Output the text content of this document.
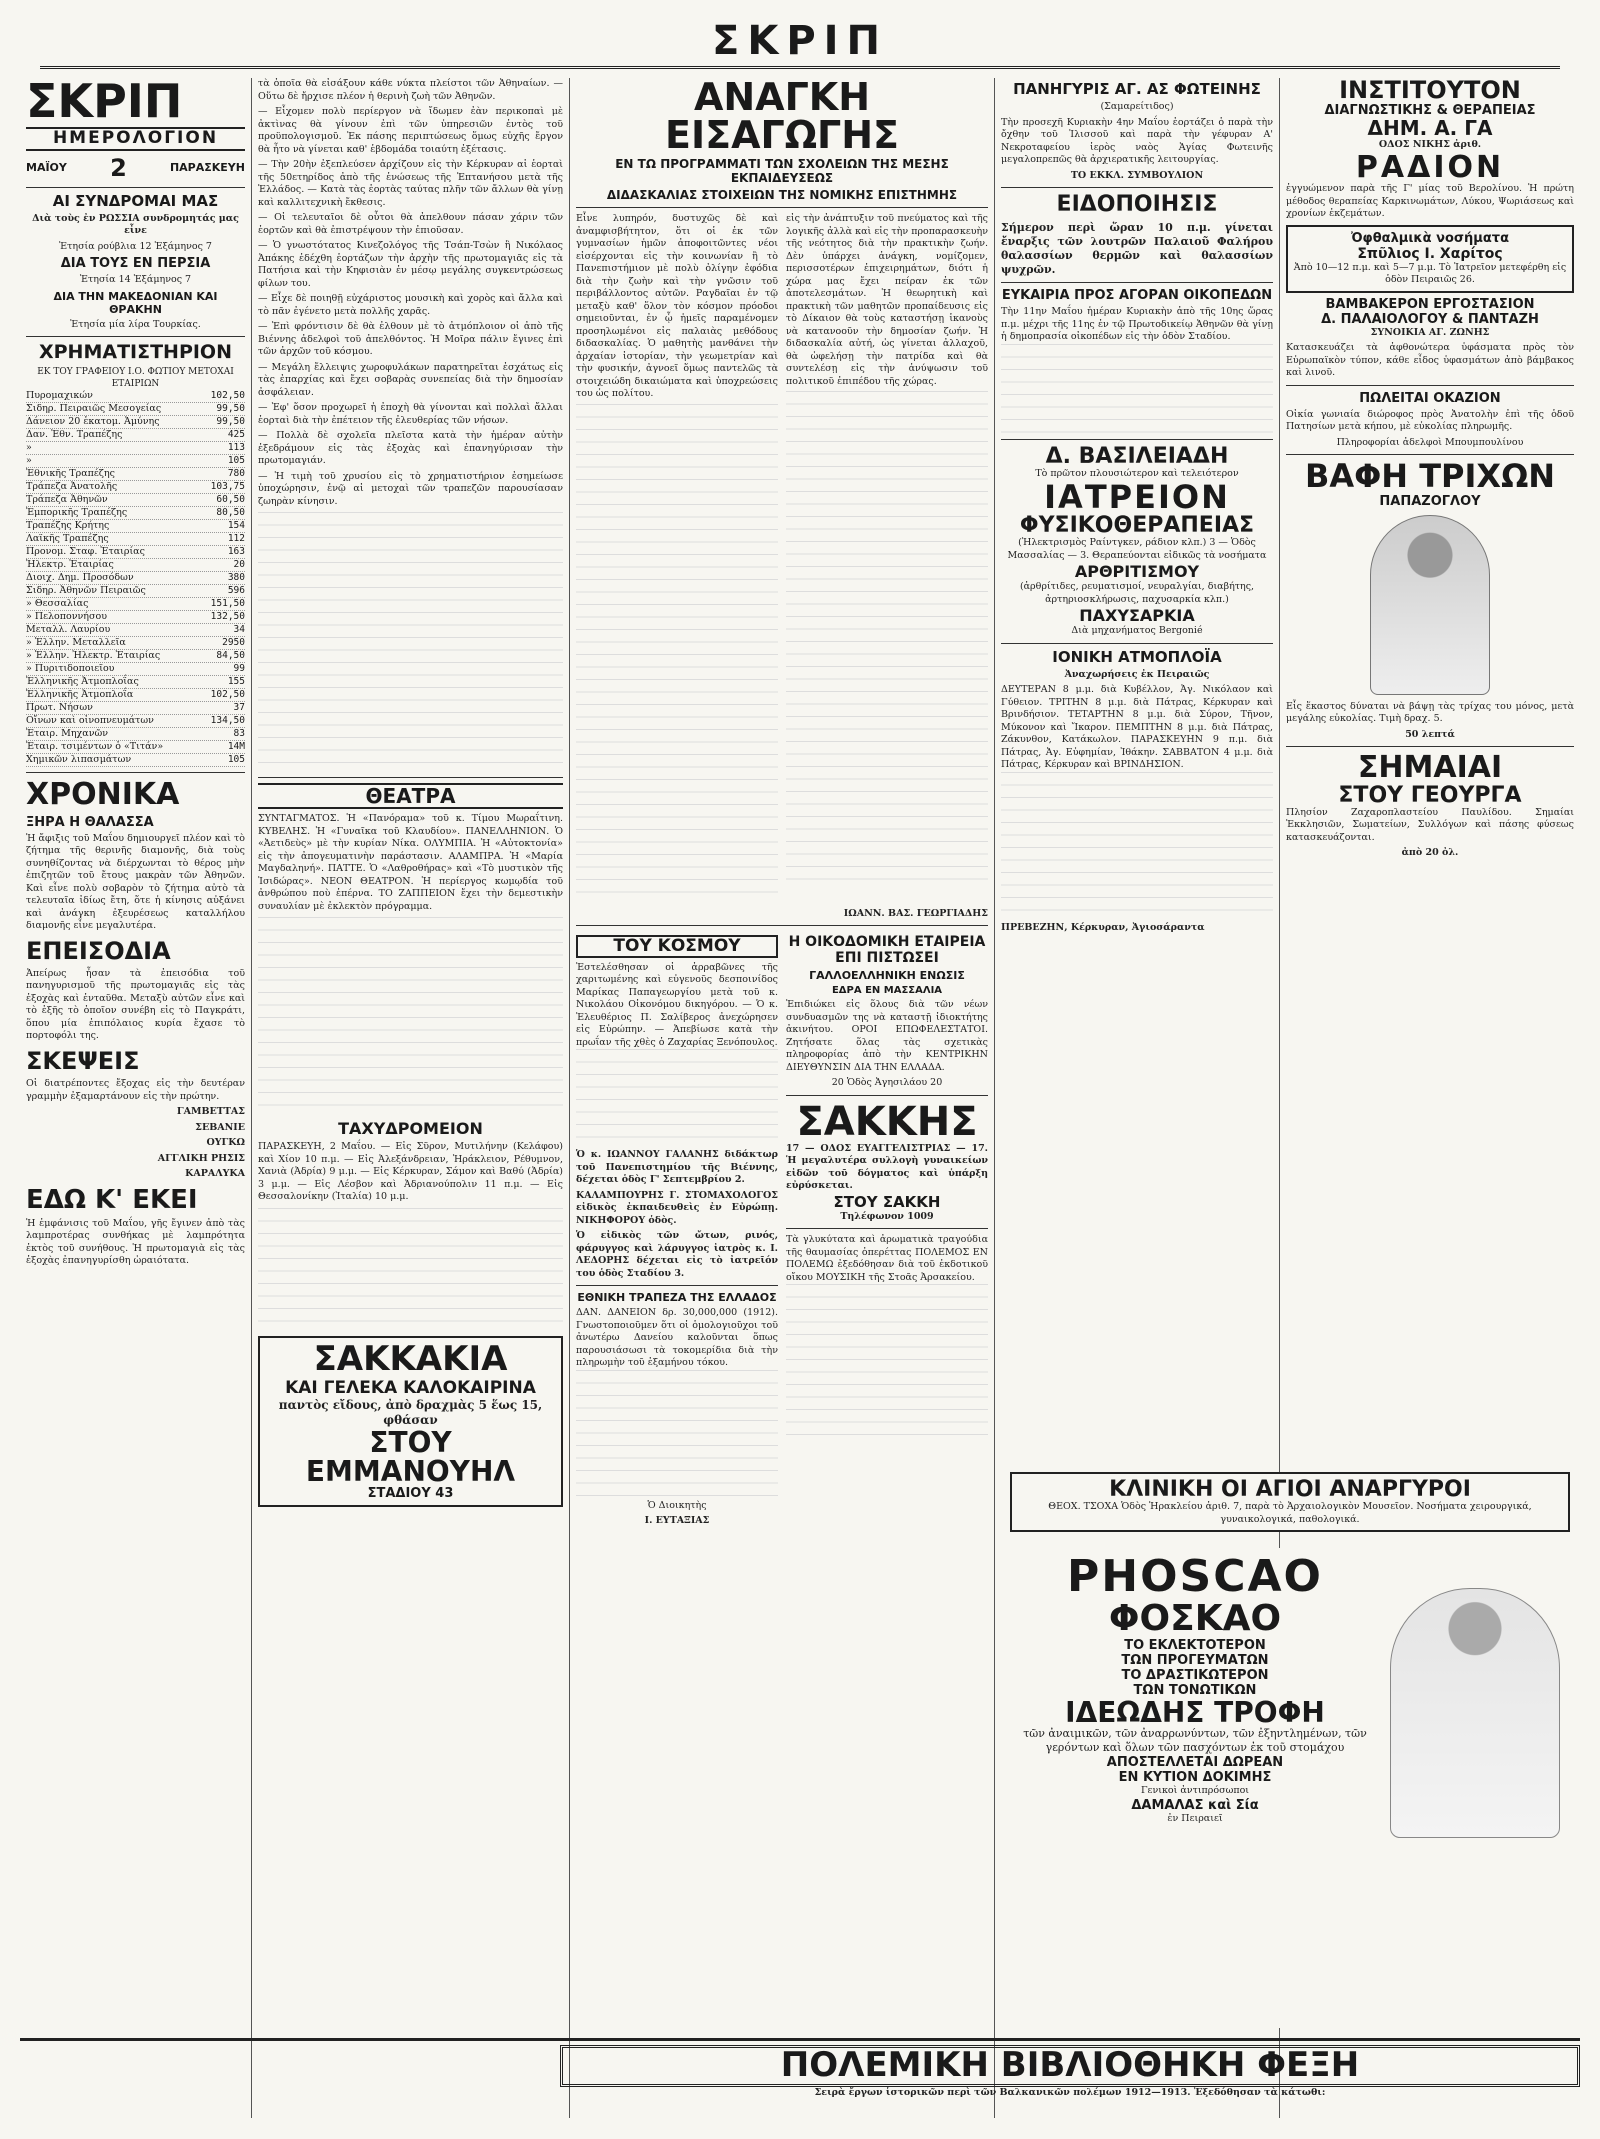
ΣΚΡΙΠ
ΣΚΡΙΠ
ΗΜΕΡΟΛΟΓΙΟΝ
ΜΑΪΟΥ 2	ΠΑΡΑΣΚΕΥΗ
ΑΙ ΣΥΝΔΡΟΜΑΙ ΜΑΣ
Διὰ τοὺς ἐν ΡΩΣΣΙΑ συνδρομητάς μας εἶνε
Ἐτησία ρούβλια 12 Ἑξάμηνος 7
ΔΙΑ ΤΟΥΣ ΕΝ ΠΕΡΣΙΑ
Ἐτησία 14 Ἑξάμηνος 7
ΔΙΑ ΤΗΝ ΜΑΚΕΔΟΝΙΑΝ ΚΑΙ ΘΡΑΚΗΝ
Ἐτησία μία λίρα Τουρκίας.
ΧΡΗΜΑΤΙΣΤΗΡΙΟΝ
ΕΚ ΤΟΥ ΓΡΑΦΕΙΟΥ Ι.Ο. ΦΩΤΙΟΥ ΜΕΤΟΧΑΙ ΕΤΑΙΡΙΩΝ
Πυρομαχικών	102,50
Σιδηρ. Πειραιῶς Μεσογείας	99,50
Δάνειον 20 ἑκατομ. Ἀμύνης	99,50
Δαν. Ἐθν. Τραπέζης	425
»	113
»	105
Ἐθνικῆς Τραπέζης	780
Τράπεζα Ἀνατολῆς	103,75
Τράπεζα Ἀθηνῶν	60,50
Ἐμπορικῆς Τραπέζης	80,50
Τραπέζης Κρήτης	154
Λαϊκῆς Τραπέζης	112
Προνομ. Σταφ. Ἐταιρίας	163
Ἠλεκτρ. Ἐταιρίας	20
Διοιχ. Δημ. Προσόδων	380
Σιδηρ. Ἀθηνῶν Πειραιῶς	596
» Θεσσαλίας	151,50
» Πελοποννήσου	132,50
Μεταλλ. Λαυρίου	34
» Ἑλλην. Μεταλλεῖα	2950
» Ἑλλην. Ἠλεκτρ. Ἐταιρίας	84,50
» Πυριτιδοποιεῖου	99
Ἐλληνικῆς Ἀτμοπλοΐας	155
Ἑλληνικῆς Ἀτμοπλοΐα	102,50
Πρωτ. Νήσων	37
Οἴνων καὶ οἰνοπνευμάτων	134,50
Ἐταιρ. Μηχανῶν	83
Ἐταιρ. τσιμέντων ὁ «Τιτάν»	14Μ
Χημικῶν λιπασμάτων	105
ΧΡΟΝΙΚΑ
ΞΗΡΑ Η ΘΑΛΑΣΣΑ
Ἡ ἄφιξις τοῦ Μαΐου δημιουργεῖ πλέον καὶ τὸ ζήτημα τῆς θερινῆς διαμονῆς, διὰ τοὺς συνηθίζοντας νὰ διέρχωνται τὸ θέρος μὴν ἐπιζητῶν τοῦ ἔτους μακρὰν τῶν Ἀθηνῶν. Καὶ εἶνε πολὺ σοβαρὸν τὸ ζήτημα αὐτὸ τὰ τελευταῖα ἰδίως ἔτη, ὅτε ἡ κίνησις αὐξάνει καὶ ἀνάγκη ἐξευρέσεως καταλλήλου διαμονῆς εἶνε μεγαλυτέρα.
ΕΠΕΙΣΟΔΙΑ
Ἀπείρως ἦσαν τὰ ἐπεισόδια τοῦ πανηγυρισμοῦ τῆς πρωτομαγιᾶς εἰς τὰς ἐξοχὰς καὶ ἐνταῦθα. Μεταξὺ αὐτῶν εἶνε καὶ τὸ ἑξῆς τὸ ὁποῖον συνέβη εἰς τὸ Παγκράτι, ὅπου μία ἐπιπόλαιος κυρία ἔχασε τὸ πορτοφόλι της.
ΣΚΕΨΕΙΣ
Οἱ διατρέποντες ἔξοχας εἰς τὴν δευτέραν γραμμὴν ἐξαμαρτάνουν εἰς τὴν πρώτην.
ΓΑΜΒΕΤΤΑΣ
ΣΕΒΑΝΙΕ
ΟΥΓΚΩ
ΑΓΓΛΙΚΗ ΡΗΣΙΣ
ΚΑΡΑΛΥΚΑ
ΕΔΩ Κ' ΕΚΕΙ
Ἡ ἐμφάνισις τοῦ Μαΐου, γῆς ἔγινεν ἀπὸ τὰς λαμπροτέρας συνθήκας μὲ λαμπρότητα ἐκτὸς τοῦ συνήθους. Ἡ πρωτομαγιὰ εἰς τὰς ἐξοχὰς ἐπανηγυρίσθη ὡραιότατα.
τὰ ὁποῖα θὰ εἰσάξουν κάθε νύκτα πλείστοι τῶν Ἀθηναίων. — Οὕτω δὲ ἤρχισε πλέον ἡ θερινὴ ζωὴ τῶν Ἀθηνῶν.
— Εἶχομεν πολὺ περίεργον νὰ ἴδωμεν ἐὰν περικοπαὶ μὲ ἀκτὶνας θὰ γίνουν ἐπὶ τῶν ὑπηρεσιῶν ἐντὸς τοῦ προϋπολογισμοῦ. Ἐκ πάσης περιπτώσεως ὅμως εὐχῆς ἔργον θὰ ἦτο νὰ γίνεται καθ' ἑβδομάδα τοιαύτη ἐξέτασις.
— Τὴν 20ὴν ἐξεπλεύσεν ἀρχίζουν εἰς τὴν Κέρκυραν αἱ ἑορταὶ τῆς 50ετηρίδος ἀπὸ τῆς ἑνώσεως τῆς Ἑπτανήσου μετὰ τῆς Ἑλλάδος. — Κατὰ τὰς ἑορτὰς ταύτας πλῆν τῶν ἄλλων θὰ γίνῃ καὶ καλλιτεχνικὴ ἔκθεσις.
— Οἱ τελευταῖοι δὲ οὗτοι θὰ ἀπελθουν πάσαν χάριν τῶν ἑορτῶν καὶ θὰ ἐπιστρέψουν τὴν ἐπιοῦσαν.
— Ὁ γνωστότατος Κινεζολόγος τῆς Τσάπ-Τσὼν ἢ Νικόλαος Ἀπάκης ἐδέχθη ἑορτάζων τὴν ἀρχὴν τῆς πρωτομαγιᾶς εἰς τὰ Πατήσια καὶ τὴν Κηφισιὰν ἐν μέσῳ μεγάλης συγκεντρώσεως φίλων του.
— Εἶχε δὲ ποιηθῇ εὐχάριστος μουσικὴ καὶ χορὸς καὶ ἄλλα καὶ τὸ πᾶν ἐγένετο μετὰ πολλῆς χαρᾶς.
— Ἐπὶ φρόντισιν δὲ θὰ ἐλθουν μὲ τὸ ἀτμόπλοιον οἱ ἀπὸ τῆς Βιέννης ἀδελφοὶ τοῦ ἀπελθόντος. Ἡ Μοῖρα πάλιν ἔγινες ἐπὶ τῶν ἀρχῶν τοῦ κόσμου.
— Μεγάλη ἔλλειψις χωροφυλάκων παρατηρεῖται ἐσχάτως εἰς τὰς ἐπαρχίας καὶ ἔχει σοβαρὰς συνεπείας διὰ τὴν δημοσίαν ἀσφάλειαν.
— Ἐφ' ὅσον προχωρεῖ ἡ ἐποχὴ θὰ γίνονται καὶ πολλαὶ ἄλλαι ἑορταὶ διὰ τὴν ἐπέτειον τῆς ἐλευθερίας τῶν νήσων.
— Πολλὰ δὲ σχολεῖα πλεῖστα κατὰ τὴν ἡμέραν αὐτὴν ἐξεδράμουν εἰς τὰς ἐξοχὰς καὶ ἐπανηγύρισαν τὴν πρωτομαγιάν.
— Ἡ τιμὴ τοῦ χρυσίου εἰς τὸ χρηματιστήριον ἐσημείωσε ὑποχώρησιν, ἐνῷ αἱ μετοχαὶ τῶν τραπεζῶν παρουσίασαν ζωηρὰν κίνησιν.
ΘΕΑΤΡΑ
ΣΥΝΤΑΓΜΑΤΟΣ. Ἡ «Πανόραμα» τοῦ κ. Τίμου Μωραΐτινη. ΚΥΒΕΛΗΣ. Ἡ «Γυναῖκα τοῦ Κλαυδίου». ΠΑΝΕΛΛΗΝΙΟΝ. Ὁ «Ἀετιδεὺς» μὲ τὴν κυρίαν Νίκα. ΟΛΥΜΠΙΑ. Ἡ «Αὐτοκτονία» εἰς τὴν ἀπογευματινὴν παράστασιν. ΑΛΑΜΠΡΑ. Ἡ «Μαρία Μαγδαληνή». ΠΑΤΤΕ. Ὁ «Λαθροθήρας» καὶ «Τὸ μυστικὸν τῆς Ἰσιδώρας». ΝΕΟΝ ΘΕΑΤΡΟΝ. Ἡ περίεργος κωμῳδία τοῦ ἀνθρώπου ποὺ ἐπέρνα. ΤΟ ΖΑΠΠΕΙΟΝ ἔχει τὴν δεμεστικὴν συναυλίαν μὲ ἐκλεκτὸν πρόγραμμα.
ΤΑΧΥΔΡΟΜΕΙΟΝ
ΠΑΡΑΣΚΕΥΗ, 2 Μαΐου. — Εἰς Σῦρον, Μυτιλήνην (Κελάφου) καὶ Χίον 10 π.μ. — Εἰς Ἀλεξάνδρειαν, Ἡράκλειον, Ρέθυμνον, Χανιὰ (Ἀδρία) 9 μ.μ. — Εἰς Κέρκυραν, Σάμον καὶ Βαθύ (Ἀδρία) 3 μ.μ. — Εἰς Λέσβον καὶ Ἀδριανούπολιν 11 π.μ. — Εἰς Θεσσαλονίκην (Ἰταλία) 10 μ.μ.
ΣΑΚΚΑΚΙΑ
ΚΑΙ ΓΕΛΕΚΑ ΚΑΛΟΚΑΙΡΙΝΑ
παντὸς εἴδους, ἀπὸ δραχμὰς 5 ἕως 15, φθάσαν
ΣΤΟΥ ΕΜΜΑΝΟΥΗΛ
ΣΤΑΔΙΟΥ 43
ΑΝΑΓΚΗ ΕΙΣΑΓΩΓΗΣ
ΕΝ ΤΩ ΠΡΟΓΡΑΜΜΑΤΙ ΤΩΝ ΣΧΟΛΕΙΩΝ ΤΗΣ ΜΕΣΗΣ ΕΚΠΑΙΔΕΥΣΕΩΣ
ΔΙΔΑΣΚΑΛΙΑΣ ΣΤΟΙΧΕΙΩΝ ΤΗΣ ΝΟΜΙΚΗΣ ΕΠΙΣΤΗΜΗΣ
Εἶνε λυπηρόν, δυστυχῶς δὲ καὶ ἀναμφισβήτητον, ὅτι οἱ ἐκ τῶν γυμνασίων ἡμῶν ἀποφοιτῶντες νέοι εἰσέρχονται εἰς τὴν κοινωνίαν ἢ τὸ Πανεπιστήμιον μὲ πολὺ ὀλίγην ἐφόδια διὰ τὴν ζωὴν καὶ τὴν γνῶσιν τοῦ περιβάλλοντος αὐτῶν. Ραγδαῖαι ἐν τῷ μεταξὺ καθ' ὅλον τὸν κόσμον πρόοδοι σημειοῦνται, ἐν ᾧ ἡμεῖς παραμένομεν προσηλωμένοι εἰς παλαιὰς μεθόδους διδασκαλίας. Ὁ μαθητὴς μανθάνει τὴν ἀρχαίαν ἱστορίαν, τὴν γεωμετρίαν καὶ τὴν φυσικήν, ἀγνοεῖ ὅμως παντελῶς τὰ στοιχειώδη δικαιώματα καὶ ὑποχρεώσεις του ὡς πολίτου.
εἰς τὴν ἀνάπτυξιν τοῦ πνεύματος καὶ τῆς λογικῆς ἀλλὰ καὶ εἰς τὴν προπαρασκευὴν τῆς νεότητος διὰ τὴν πρακτικὴν ζωήν. Δὲν ὑπάρχει ἀνάγκη, νομίζομεν, περισσοτέρων ἐπιχειρημάτων, διότι ἡ χώρα μας ἔχει πείραν ἐκ τῶν ἀποτελεσμάτων. Ἡ θεωρητικὴ καὶ πρακτικὴ τῶν μαθητῶν προπαίδευσις εἰς τὸ Δίκαιον θὰ τοὺς καταστήσῃ ἱκανοὺς νὰ κατανοοῦν τὴν δημοσίαν ζωήν. Ἡ διδασκαλία αὐτή, ὡς γίνεται ἀλλαχοῦ, θὰ ὠφελήσῃ τὴν πατρίδα καὶ θὰ συντελέσῃ εἰς τὴν ἀνύψωσιν τοῦ πολιτικοῦ ἐπιπέδου τῆς χώρας.
ΙΩΑΝΝ. ΒΑΣ. ΓΕΩΡΓΙΑΔΗΣ
ΤΟΥ ΚΟΣΜΟΥ
Ἐστελέσθησαν οἱ ἀρραβῶνες τῆς χαριτωμένης καὶ εὐγενοῦς δεσποινίδος Μαρίκας Παπαγεωργίου μετὰ τοῦ κ. Νικολάου Οἰκονόμου δικηγόρου. — Ὁ κ. Ἐλευθέριος Π. Σαλίβερος ἀνεχώρησεν εἰς Εὐρώπην. — Ἀπεβίωσε κατὰ τὴν πρωΐαν τῆς χθὲς ὁ Ζαχαρίας Ξενόπουλος.
Ὁ κ. ΙΩΑΝΝΟΥ ΓΑΛΑΝΗΣ διδάκτωρ τοῦ Πανεπιστημίου τῆς Βιέννης, δέχεται ὁδὸς Γ' Σεπτεμβρίου 2.
ΚΑΛΑΜΠΟΥΡΗΣ Γ. ΣΤΟΜΑΧΟΛΟΓΟΣ εἰδικὸς ἐκπαιδευθεὶς ἐν Εὐρώπῃ. ΝΙΚΗΦΟΡΟΥ ὁδὸς.
Ὁ εἰδικὸς τῶν ὤτων, ρινός, φάρυγγος καὶ λάρυγγος ἰατρὸς κ. Ι. ΛΕΔΟΡΗΣ δέχεται εἰς τὸ ἰατρεῖόν του ὁδὸς Σταδίου 3.
ΕΘΝΙΚΗ ΤΡΑΠΕΖΑ ΤΗΣ ΕΛΛΑΔΟΣ
ΔΑΝ. ΔΑΝΕΙΟΝ δρ. 30,000,000 (1912). Γνωστοποιοῦμεν ὅτι οἱ ὁμολογιοῦχοι τοῦ ἀνωτέρω Δανείου καλοῦνται ὅπως παρουσιάσωσι τὰ τοκομερίδια διὰ τὴν πληρωμὴν τοῦ ἑξαμήνου τόκου.
Ὁ Διοικητὴς
Ι. ΕΥΤΑΞΙΑΣ
Η ΟΙΚΟΔΟΜΙΚΗ ΕΤΑΙΡΕΙΑ ΕΠΙ ΠΙΣΤΩΣΕΙ
ΓΑΛΛΟΕΛΛΗΝΙΚΗ ΕΝΩΣΙΣ
ΕΔΡΑ ΕΝ ΜΑΣΣΑΛΙΑ
Ἐπιδιώκει εἰς ὅλους διὰ τῶν νέων συνδυασμῶν της νὰ καταστῇ ἰδιοκτήτης ἀκινήτου. ΟΡΟΙ ΕΠΩΦΕΛΕΣΤΑΤΟΙ. Ζητήσατε ὅλας τὰς σχετικὰς πληροφορίας ἀπὸ τὴν ΚΕΝΤΡΙΚΗΝ ΔΙΕΥΘΥΝΣΙΝ ΔΙΑ ΤΗΝ ΕΛΛΑΔΑ.
20 Ὁδὸς Ἀγησιλάου 20
ΣΑΚΚΗΣ
17 — ΟΔΟΣ ΕΥΑΓΓΕΛΙΣΤΡΙΑΣ — 17. Ἡ μεγαλυτέρα συλλογὴ γυναικείων εἰδῶν τοῦ δόγματος καὶ ὑπάρξη εὐρύσκεται.
ΣΤΟΥ ΣΑΚΚΗ
Τηλέφωνον 1009
Τὰ γλυκύτατα καὶ ἀρωματικὰ τραγούδια τῆς θαυμασίας ὀπερέττας ΠΟΛΕΜΟΣ ΕΝ ΠΟΛΕΜΩ ἐξεδόθησαν διὰ τοῦ ἐκδοτικοῦ οἴκου ΜΟΥΣΙΚΗ τῆς Στοᾶς Ἀρσακείου.
ΠΑΝΗΓΥΡΙΣ ΑΓ. ΑΣ ΦΩΤΕΙΝΗΣ
(Σαμαρείτιδος)
Τὴν προσεχῆ Κυριακὴν 4ην Μαΐου ἑορτάζει ὁ παρὰ τὴν ὄχθην τοῦ Ἰλισσοῦ καὶ παρὰ τὴν γέφυραν Α' Νεκροταφείου ἱερὸς ναὸς Ἁγίας Φωτεινῆς μεγαλοπρεπῶς θὰ ἀρχιερατικῆς λειτουργίας.
ΤΟ ΕΚΚΛ. ΣΥΜΒΟΥΛΙΟΝ
ΕΙΔΟΠΟΙΗΣΙΣ
Σήμερον περὶ ὥραν 10 π.μ. γίνεται ἔναρξις τῶν λουτρῶν Παλαιοῦ Φαλήρου θαλασσίων θερμῶν καὶ θαλασσίων ψυχρῶν.
ΕΥΚΑΙΡΙΑ ΠΡΟΣ ΑΓΟΡΑΝ ΟΙΚΟΠΕΔΩΝ
Τὴν 11ην Μαΐου ἡμέραν Κυριακὴν ἀπὸ τῆς 10ης ὥρας π.μ. μέχρι τῆς 11ης ἐν τῷ Πρωτοδικείῳ Ἀθηνῶν θὰ γίνῃ ἡ δημοπρασία οἰκοπέδων εἰς τὴν ὁδὸν Σταδίου.
Δ. ΒΑΣΙΛΕΙΑΔΗ
Τὸ πρῶτον πλουσιώτερον καὶ τελειότερον
ΙΑΤΡΕΙΟΝ
ΦΥΣΙΚΟΘΕΡΑΠΕΙΑΣ
(Ἠλεκτρισμὸς Ραίντγκεν, ράδιον κλπ.) 3 — Ὁδὸς Μασσαλίας — 3. Θεραπεύονται εἰδικῶς τὰ νοσήματα
ΑΡΘΡΙΤΙΣΜΟΥ
(ἀρθρίτιδες, ρευματισμοί, νευραλγίαι, διαβήτης, ἀρτηριοσκλήρωσις, παχυσαρκία κλπ.)
ΠΑΧΥΣΑΡΚΙΑ
Διὰ μηχανήματος Bergonié
ΙΟΝΙΚΗ ΑΤΜΟΠΛΟΪΑ
Ἀναχωρήσεις ἐκ Πειραιῶς
ΔΕΥΤΕΡΑΝ 8 μ.μ. διὰ Κυβέλλον, Ἀγ. Νικόλαον καὶ Γύθειον. ΤΡΙΤΗΝ 8 μ.μ. διὰ Πάτρας, Κέρκυραν καὶ Βρινδήσιον. ΤΕΤΑΡΤΗΝ 8 μ.μ. διὰ Σύρον, Τῆνον, Μύκονον καὶ Ἴκαρον. ΠΕΜΠΤΗΝ 8 μ.μ. διὰ Πάτρας, Ζάκυνθον, Κατάκωλον. ΠΑΡΑΣΚΕΥΗΝ 9 π.μ. διὰ Πάτρας, Ἀγ. Εὐφημίαν, Ἰθάκην. ΣΑΒΒΑΤΟΝ 4 μ.μ. διὰ Πάτρας, Κέρκυραν καὶ ΒΡΙΝΔΗΣΙΟΝ.
ΠΡΕΒΕΖΗΝ, Κέρκυραν, Ἀγιοσάραντα
ΙΝΣΤΙΤΟΥΤΟΝ
ΔΙΑΓΝΩΣΤΙΚΗΣ & ΘΕΡΑΠΕΙΑΣ
ΔΗΜ. Α. ΓΑ
ΟΔΟΣ ΝΙΚΗΣ ἀριθ.
ΡΑΔΙΟΝ
ἐγγυώμενον παρὰ τῆς Γ' μίας τοῦ Βερολίνου. Ἡ πρώτη μέθοδος θεραπείας Καρκινωμάτων, Λύκου, Ψωριάσεως καὶ χρονίων ἐκζεμάτων.
Ὀφθαλμικὰ νοσήματα
Σπῦλιος Ι. Χαρίτος
Ἀπὸ 10—12 π.μ. καὶ 5—7 μ.μ. Τὸ Ἰατρεῖον μετεφέρθη εἰς ὁδὸν Πειραιῶς 26.
ΒΑΜΒΑΚΕΡΟΝ ΕΡΓΟΣΤΑΣΙΟΝ
Δ. ΠΑΛΑΙΟΛΟΓΟΥ & ΠΑΝΤΑΖΗ
ΣΥΝΟΙΚΙΑ ΑΓ. ΖΩΝΗΣ
Κατασκευάζει τὰ ἀφθονώτερα ὑφάσματα πρὸς τὸν Εὐρωπαϊκὸν τύπον, κάθε εἶδος ὑφασμάτων ἀπὸ βάμβακος καὶ λινοῦ.
ΠΩΛΕΙΤΑΙ ΟΚΑΖΙΟΝ
Οἰκία γωνιαία διώροφος πρὸς Ἀνατολὴν ἐπὶ τῆς ὁδοῦ Πατησίων μετὰ κήπου, μὲ εὐκολίας πληρωμῆς.
Πληροφορίαι ἀδελφοὶ Μπουμπουλίνου
ΒΑΦΗ ΤΡΙΧΩΝ
ΠΑΠΑΖΟΓΛΟΥ
Εἶς ἕκαστος δύναται νὰ βάψῃ τὰς τρίχας του μόνος, μετὰ μεγάλης εὐκολίας. Τιμὴ δραχ. 5.
50 λεπτά
ΣΗΜΑΙΑΙ
ΣΤΟΥ ΓΕΟΥΡΓΑ
Πλησίον Ζαχαροπλαστείου Παυλίδου. Σημαίαι Ἐκκλησιῶν, Σωματείων, Συλλόγων καὶ πάσης φύσεως κατασκευάζονται.
ἀπὸ 20 ὀλ.
ΚΛΙΝΙΚΗ ΟΙ ΑΓΙΟΙ ΑΝΑΡΓΥΡΟΙ
ΘΕΟΧ. ΤΣΟΧΑ Ὁδὸς Ἡρακλείου ἀριθ. 7, παρὰ τὸ Ἀρχαιολογικὸν Μουσεῖον. Νοσήματα χειρουργικά, γυναικολογικά, παθολογικά.
PHOSCAO
ΦΟΣΚΑΟ
ΤΟ ΕΚΛΕΚΤΟΤΕΡΟΝ
ΤΩΝ ΠΡΟΓΕΥΜΑΤΩΝ
ΤΟ ΔΡΑΣΤΙΚΩΤΕΡΟΝ
ΤΩΝ ΤΟΝΩΤΙΚΩΝ
ΙΔΕΩΔΗΣ ΤΡΟΦΗ
τῶν ἀναιμικῶν, τῶν ἀναρρωνύντων, τῶν ἐξηντλημένων, τῶν γερόντων καὶ ὅλων τῶν πασχόντων ἐκ τοῦ στομάχου
ΑΠΟΣΤΕΛΛΕΤΑΙ ΔΩΡΕΑΝ
ΕΝ ΚΥΤΙΟΝ ΔΟΚΙΜΗΣ
Γενικοὶ ἀντιπρόσωποι
ΔΑΜΑΛΑΣ καὶ Σία
ἐν Πειραιεῖ
ΠΟΛΕΜΙΚΗ ΒΙΒΛΙΟΘΗΚΗ ΦΕΞΗ
Σειρὰ ἔργων ἱστορικῶν περὶ τῶν Βαλκανικῶν πολέμων 1912—1913. Ἐξεδόθησαν τὰ κάτωθι:
